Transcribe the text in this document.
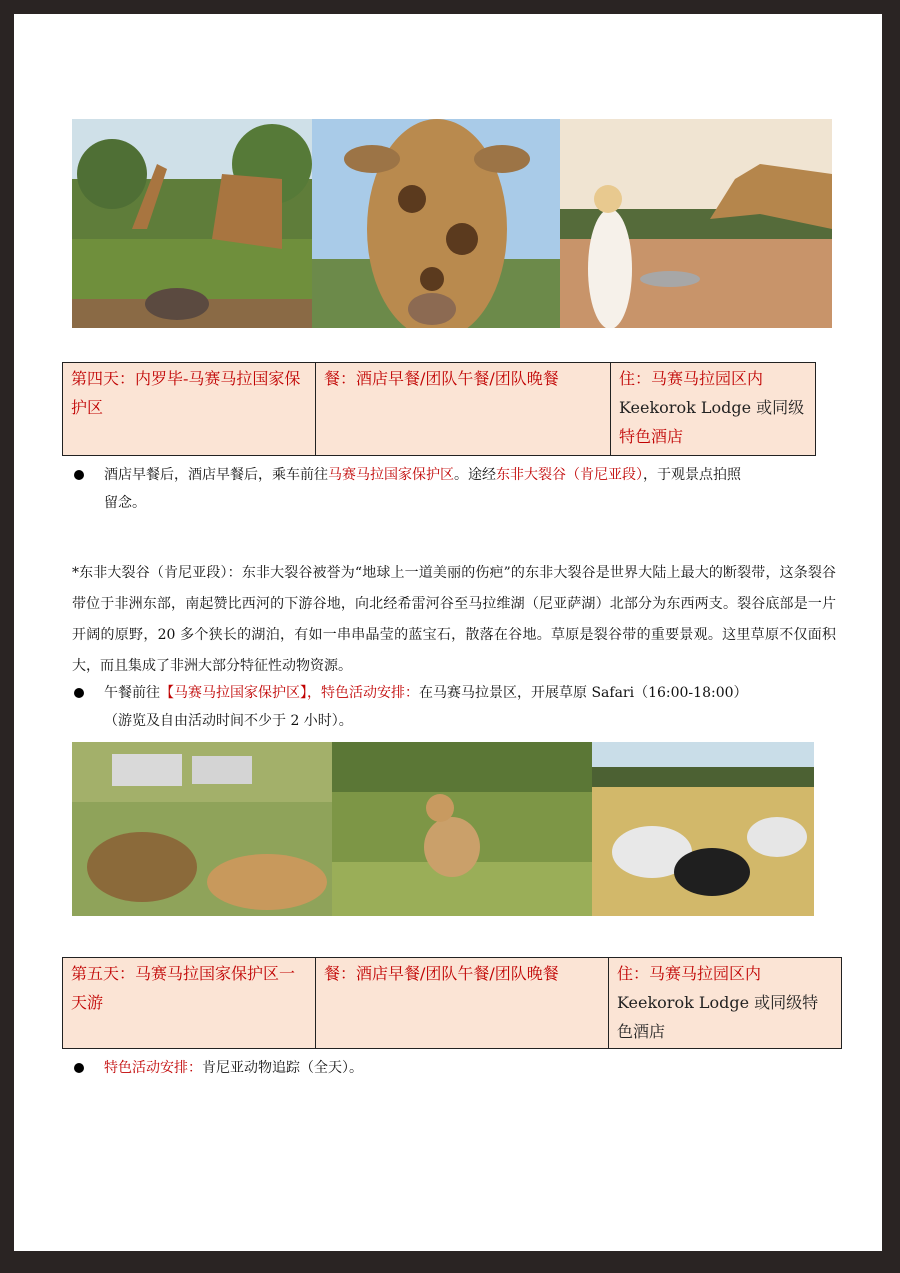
第四天：内罗毕-马赛马拉国家保护区	餐：酒店早餐/团队午餐/团队晚餐	住：马赛马拉园区内
Keekorok Lodge 或同级
特色酒店
酒店早餐后，酒店早餐后，乘车前往马赛马拉国家保护区。途经东非大裂谷（肯尼亚段），于观景点拍照
留念。
*东非大裂谷（肯尼亚段）：东非大裂谷被誉为“地球上一道美丽的伤疤”的东非大裂谷是世界大陆上最大的断裂带，这条裂谷带位于非洲东部，南起赞比西河的下游谷地，向北经希雷河谷至马拉维湖（尼亚萨湖）北部分为东西两支。裂谷底部是一片开阔的原野，20 多个狭长的湖泊，有如一串串晶莹的蓝宝石，散落在谷地。草原是裂谷带的重要景观。这里草原不仅面积大，而且集成了非洲大部分特征性动物资源。
午餐前往【马赛马拉国家保护区】，特色活动安排：在马赛马拉景区，开展草原 Safari（16:00-18:00）
（游览及自由活动时间不少于 2 小时）。
第五天：马赛马拉国家保护区一天游	餐：酒店早餐/团队午餐/团队晚餐	住：马赛马拉园区内
Keekorok Lodge 或同级特
色酒店
特色活动安排：肯尼亚动物追踪（全天）。
